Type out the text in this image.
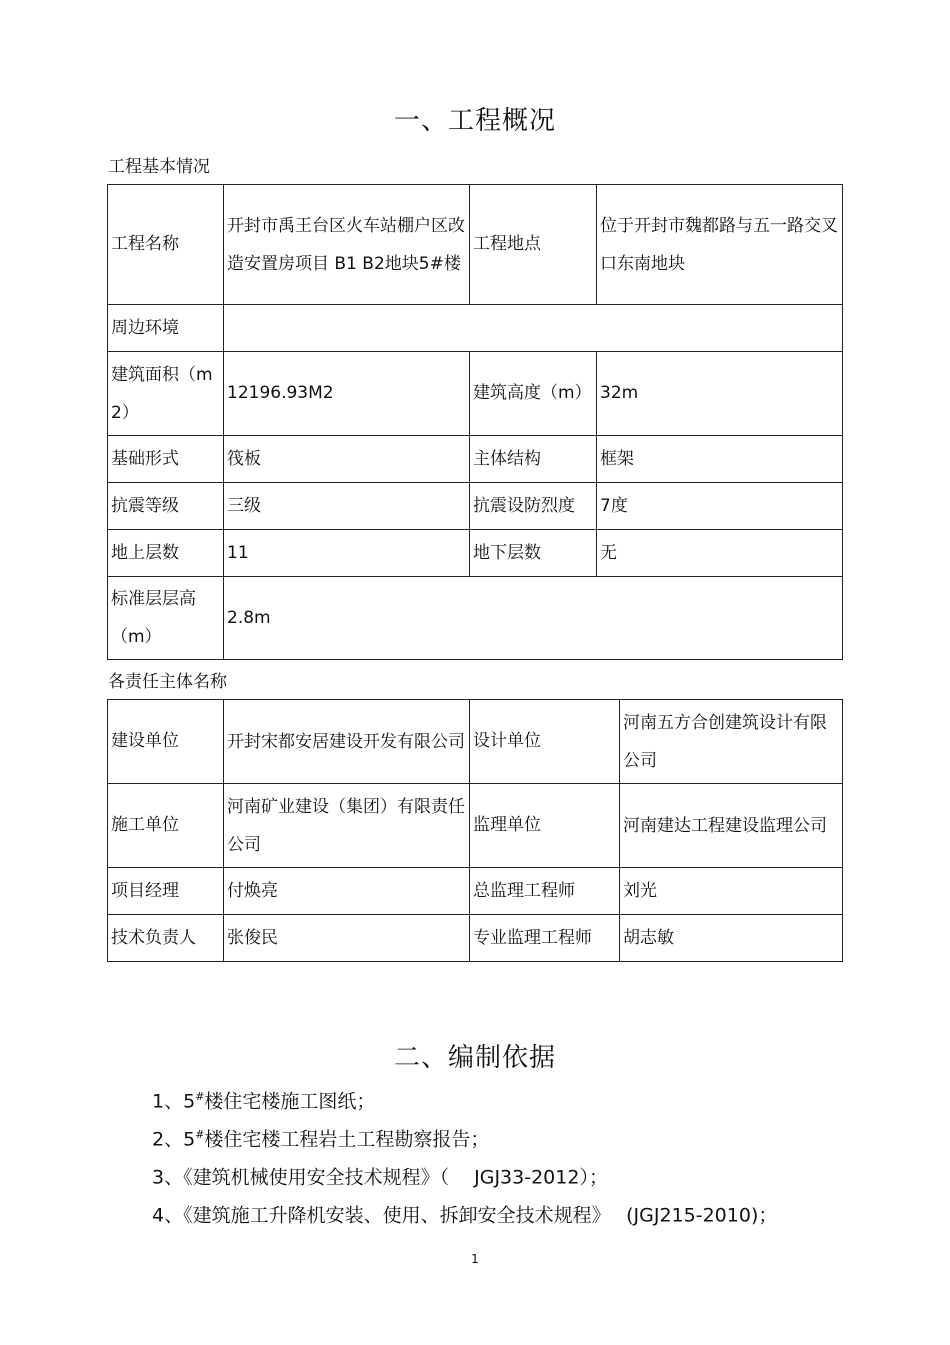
一、工程概况
工程基本情况
工程名称	开封市禹王台区火车站棚户区改造安置房项目 B1 B2地块5#楼	工程地点	位于开封市魏都路与五一路交叉口东南地块
周边环境			
建筑面积（m2）	12196.93M2	建筑高度（m）	32m
基础形式	筏板	主体结构	框架
抗震等级	三级	抗震设防烈度	7度
地上层数	11	地下层数	无
标准层层高（m）	2.8m		
各责任主体名称
建设单位	开封宋都安居建设开发有限公司	设计单位	河南五方合创建筑设计有限公司
施工单位	河南矿业建设（集团）有限责任公司	监理单位	河南建达工程建设监理公司
项目经理	付焕亮	总监理工程师	刘光
技术负责人	张俊民	专业监理工程师	胡志敏
二、编制依据
1、5#楼住宅楼施工图纸；
2、5#楼住宅楼工程岩土工程勘察报告；
3、《建筑机械使用安全技术规程》（　 JGJ33-2012）；
4、《建筑施工升降机安装、使用、拆卸安全技术规程》　 (JGJ215-2010)；
1
